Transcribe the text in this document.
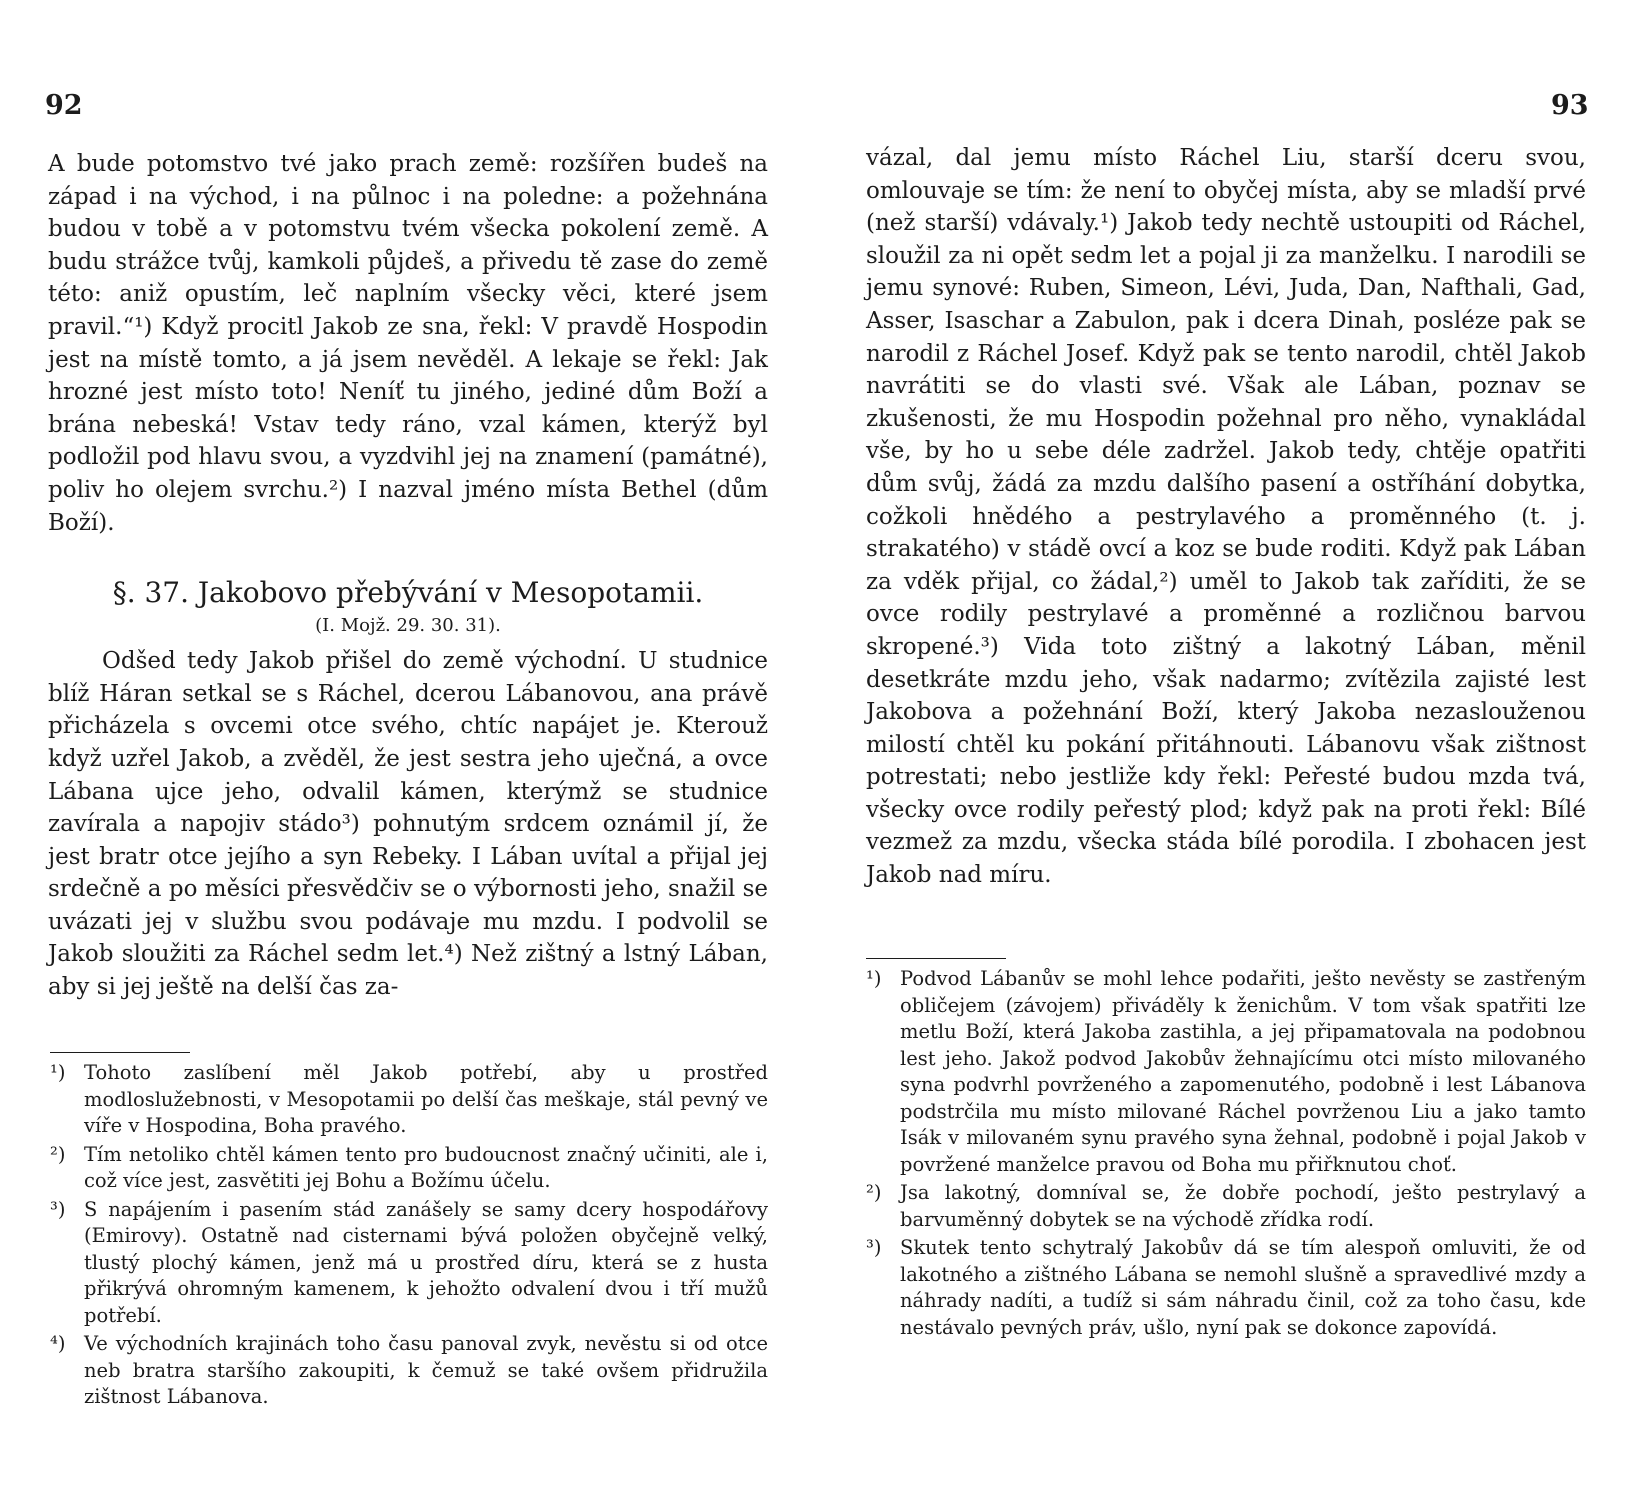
92

A bude potomstvo tvé jako prach země: rozšířen budeš na západ i na východ, i na půlnoc i na poledne: a požehnána budou v tobě a v potomstvu tvém všecka pokolení země. A budu strážce tvůj, kamkoli půjdeš, a přivedu tě zase do země této: aniž opustím, leč naplním všecky věci, které jsem pravil.“¹) Když procitl Jakob ze sna, řekl: V pravdě Hospodin jest na místě tomto, a já jsem nevěděl. A lekaje se řekl: Jak hrozné jest místo toto! Neníť tu jiného, jediné dům Boží a brána nebeská! Vstav tedy ráno, vzal kámen, kterýž byl podložil pod hlavu svou, a vyzdvihl jej na znamení (památné), poliv ho olejem svrchu.²) I nazval jméno místa Bethel (dům Boží).

§. 37. Jakobovo přebývání v Mesopotamii.
(I. Mojž. 29. 30. 31).

Odšed tedy Jakob přišel do země východní. U studnice blíž Háran setkal se s Ráchel, dcerou Lábanovou, ana právě přicházela s ovcemi otce svého, chtíc napájet je. Kterouž když uzřel Jakob, a zvěděl, že jest sestra jeho uječná, a ovce Lábana ujce jeho, odvalil kámen, kterýmž se studnice zavírala a napojiv stádo³) pohnutým srdcem oznámil jí, že jest bratr otce jejího a syn Rebeky. I Lában uvítal a přijal jej srdečně a po měsíci přesvědčiv se o výbornosti jeho, snažil se uvázati jej v službu svou podávaje mu mzdu. I podvolil se Jakob sloužiti za Ráchel sedm let.⁴) Než zištný a lstný Lában, aby si jej ještě na delší čas za-

¹) Tohoto zaslíbení měl Jakob potřebí, aby u prostřed modloslužebnosti, v Mesopotamii po delší čas meškaje, stál pevný ve víře v Hospodina, Boha pravého.
²) Tím netoliko chtěl kámen tento pro budoucnost značný učiniti, ale i, což více jest, zasvětiti jej Bohu a Božímu účelu.
³) S napájením i pasením stád zanášely se samy dcery hospodářovy (Emirovy). Ostatně nad cisternami bývá položen obyčejně velký, tlustý plochý kámen, jenž má u prostřed díru, která se z husta přikrývá ohromným kamenem, k jehožto odvalení dvou i tří mužů potřebí.
⁴) Ve východních krajinách toho času panoval zvyk, nevěstu si od otce neb bratra staršího zakoupiti, k čemuž se také ovšem přidružila zištnost Lábanova.
93

vázal, dal jemu místo Ráchel Liu, starší dceru svou, omlouvaje se tím: že není to obyčej místa, aby se mladší prvé (než starší) vdávaly.¹) Jakob tedy nechtě ustoupiti od Ráchel, sloužil za ni opět sedm let a pojal ji za manželku. I narodili se jemu synové: Ruben, Simeon, Lévi, Juda, Dan, Nafthali, Gad, Asser, Isaschar a Zabulon, pak i dcera Dinah, posléze pak se narodil z Ráchel Josef. Když pak se tento narodil, chtěl Jakob navrátiti se do vlasti své. Však ale Lában, poznav se zkušenosti, že mu Hospodin požehnal pro něho, vynakládal vše, by ho u sebe déle zadržel. Jakob tedy, chtěje opatřiti dům svůj, žádá za mzdu dalšího pasení a ostříhání dobytka, cožkoli hnědého a pestrylavého a proměnného (t. j. strakatého) v stádě ovcí a koz se bude roditi. Když pak Lában za vděk přijal, co žádal,²) uměl to Jakob tak zaříditi, že se ovce rodily pestrylavé a proměnné a rozličnou barvou skropené.³) Vida toto zištný a lakotný Lában, měnil desetkráte mzdu jeho, však nadarmo; zvítězila zajisté lest Jakobova a požehnání Boží, který Jakoba nezaslouženou milostí chtěl ku pokání přitáhnouti. Lábanovu však zištnost potrestati; nebo jestliže kdy řekl: Peřesté budou mzda tvá, všecky ovce rodily peřestý plod; když pak na proti řekl: Bílé vezmež za mzdu, všecka stáda bílé porodila. I zbohacen jest Jakob nad míru.

¹) Podvod Lábanův se mohl lehce podařiti, ješto nevěsty se zastřeným obličejem (závojem) přiváděly k ženichům. V tom však spatřiti lze metlu Boží, která Jakoba zastihla, a jej připamatovala na podobnou lest jeho. Jakož podvod Jakobův žehnajícímu otci místo milovaného syna podvrhl povrženého a zapomenutého, podobně i lest Lábanova podstrčila mu místo milované Ráchel povrženou Liu a jako tamto Isák v milovaném synu pravého syna žehnal, podobně i pojal Jakob v povržené manželce pravou od Boha mu přiřknutou choť.
²) Jsa lakotný, domníval se, že dobře pochodí, ješto pestrylavý a barvuměnný dobytek se na východě zřídka rodí.
³) Skutek tento schytralý Jakobův dá se tím alespoň omluviti, že od lakotného a zištného Lábana se nemohl slušně a spravedlivé mzdy a náhrady nadíti, a tudíž si sám náhradu činil, což za toho času, kde nestávalo pevných práv, ušlo, nyní pak se dokonce zapovídá.
